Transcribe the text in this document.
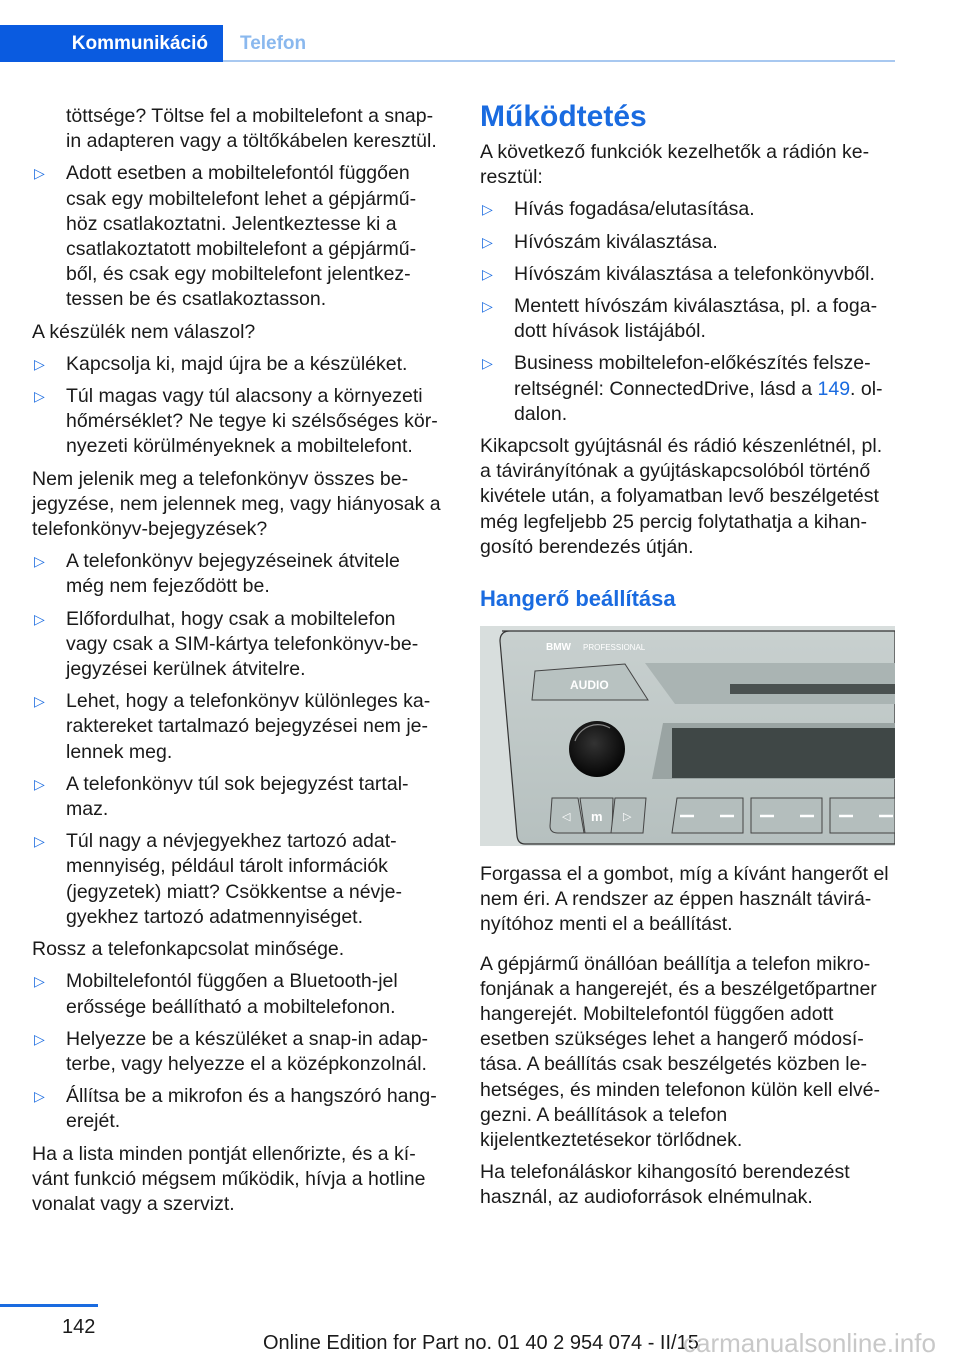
Kommunikáció	Telefon
töttsége? Töltse fel a mobiltelefont a snap-
in adapteren vagy a töltőkábelen keresztül.
▷ Adott esetben a mobiltelefontól függően
csak egy mobiltelefont lehet a gépjármű-
höz csatlakoztatni. Jelentkeztesse ki a
csatlakoztatott mobiltelefont a gépjármű-
ből, és csak egy mobiltelefont jelentkez-
tessen be és csatlakoztasson.
A készülék nem válaszol?
▷ Kapcsolja ki, majd újra be a készüléket.
▷ Túl magas vagy túl alacsony a környezeti
hőmérséklet? Ne tegye ki szélsőséges kör-
nyezeti körülményeknek a mobiltelefont.
Nem jelenik meg a telefonkönyv összes be-
jegyzése, nem jelennek meg, vagy hiányosak a
telefonkönyv-bejegyzések?
▷ A telefonkönyv bejegyzéseinek átvitele
még nem fejeződött be.
▷ Előfordulhat, hogy csak a mobiltelefon
vagy csak a SIM-kártya telefonkönyv-be-
jegyzései kerülnek átvitelre.
▷ Lehet, hogy a telefonkönyv különleges ka-
raktereket tartalmazó bejegyzései nem je-
lennek meg.
▷ A telefonkönyv túl sok bejegyzést tartal-
maz.
▷ Túl nagy a névjegyekhez tartozó adat-
mennyiség, például tárolt információk
(jegyzetek) miatt? Csökkentse a névje-
gyekhez tartozó adatmennyiséget.
Rossz a telefonkapcsolat minősége.
▷ Mobiltelefontól függően a Bluetooth-jel
erőssége beállítható a mobiltelefonon.
▷ Helyezze be a készüléket a snap-in adap-
terbe, vagy helyezze el a középkonzolnál.
▷ Állítsa be a mikrofon és a hangszóró hang-
erejét.
Ha a lista minden pontját ellenőrizte, és a kí-
vánt funkció mégsem működik, hívja a hotline
vonalat vagy a szervizt.
Működtetés
A következő funkciók kezelhetők a rádión ke-
resztül:
▷ Hívás fogadása/elutasítása.
▷ Hívószám kiválasztása.
▷ Hívószám kiválasztása a telefonkönyvből.
▷ Mentett hívószám kiválasztása, pl. a foga-
dott hívások listájából.
▷ Business mobiltelefon-előkészítés felsze-
reltségnél: ConnectedDrive, lásd a 149. ol-
dalon.
Kikapcsolt gyújtásnál és rádió készenlétnél, pl.
a távirányítónak a gyújtáskapcsolóból történő
kivétele után, a folyamatban levő beszélgetést
még legfeljebb 25 percig folytathatja a kihan-
gosító berendezés útján.
Hangerő beállítása
BMW PROFESSIONAL
AUDIO
◁ m ▷
Forgassa el a gombot, míg a kívánt hangerőt el
nem éri. A rendszer az éppen használt távirá-
nyítóhoz menti el a beállítást.
A gépjármű önállóan beállítja a telefon mikro-
fonjának a hangerejét, és a beszélgetőpartner
hangerejét. Mobiltelefontól függően adott
esetben szükséges lehet a hangerő módosí-
tása. A beállítás csak beszélgetés közben le-
hetséges, és minden telefonon külön kell elvé-
gezni. A beállítások a telefon
kijelentkeztetésekor törlődnek.
Ha telefonáláskor kihangosító berendezést
használ, az audioforrások elnémulnak.
142
Online Edition for Part no. 01 40 2 954 074 - II/15
carmanualsonline.info
